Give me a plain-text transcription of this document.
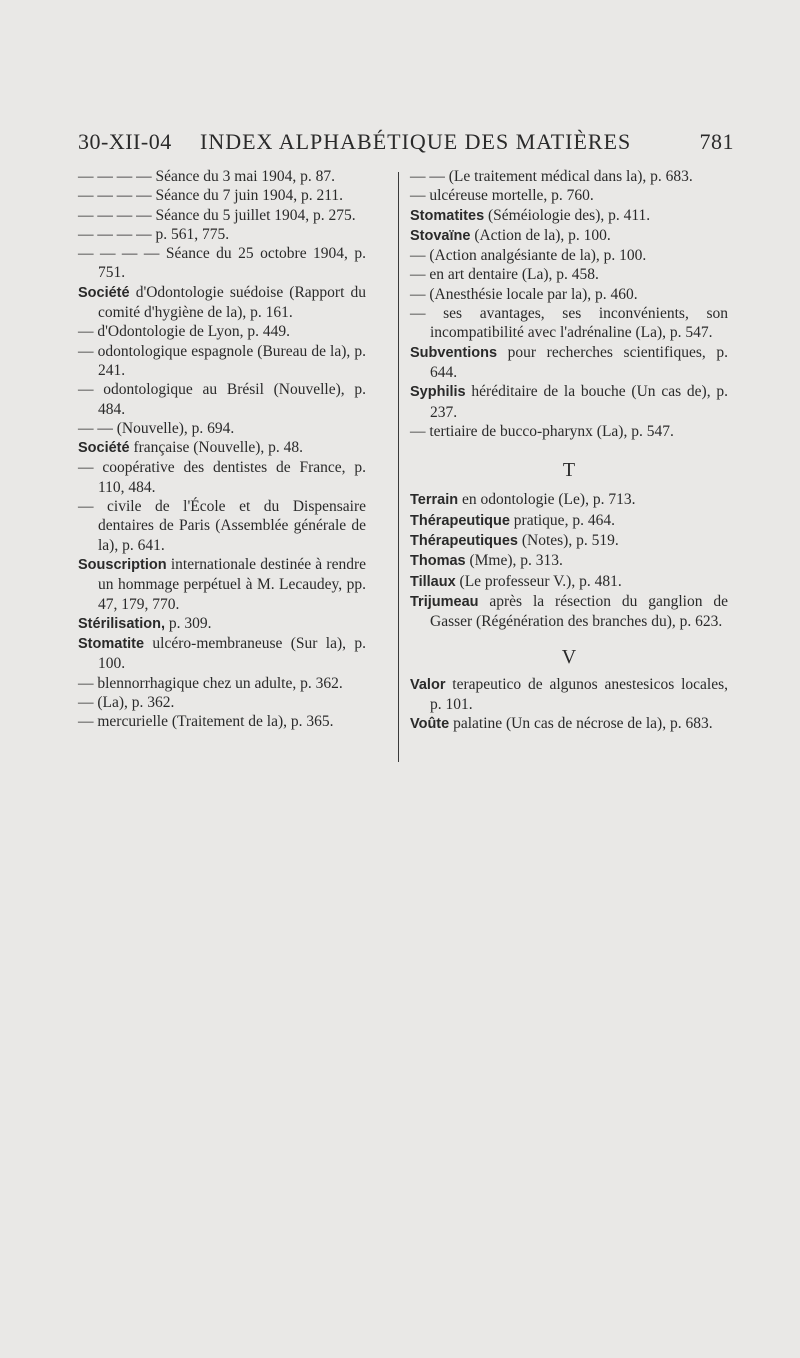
30-XII-04 INDEX ALPHABÉTIQUE DES MATIÈRES	781

— — — — Séance du 3 mai 1904, p. 87.

— — — — Séance du 7 juin 1904, p. 211.

— — — — Séance du 5 juillet 1904, p. 275.

— — — — p. 561, 775.

— — — — Séance du 25 octobre 1904, p. 751.

Société d'Odontologie suédoise (Rapport du comité d'hygiène de la), p. 161.

— d'Odontologie de Lyon, p. 449.

— odontologique espagnole (Bureau de la), p. 241.

— odontologique au Brésil (Nouvelle), p. 484.

— — (Nouvelle), p. 694.

Société française (Nouvelle), p. 48.

— coopérative des dentistes de France, p. 110, 484.

— civile de l'École et du Dispensaire dentaires de Paris (Assemblée générale de la), p. 641.

Souscription internationale destinée à rendre un hommage perpétuel à M. Lecaudey, pp. 47, 179, 770.

Stérilisation, p. 309.

Stomatite ulcéro-membraneuse (Sur la), p. 100.

— blennorrhagique chez un adulte, p. 362.

— (La), p. 362.

— mercurielle (Traitement de la), p. 365.

— — (Le traitement médical dans la), p. 683.

— ulcéreuse mortelle, p. 760.

Stomatites (Séméiologie des), p. 411.

Stovaïne (Action de la), p. 100.

— (Action analgésiante de la), p. 100.

— en art dentaire (La), p. 458.

— (Anesthésie locale par la), p. 460.

— ses avantages, ses inconvénients, son incompatibilité avec l'adrénaline (La), p. 547.

Subventions pour recherches scientifiques, p. 644.

Syphilis héréditaire de la bouche (Un cas de), p. 237.

— tertiaire de bucco-pharynx (La), p. 547.

T

Terrain en odontologie (Le), p. 713.

Thérapeutique pratique, p. 464.

Thérapeutiques (Notes), p. 519.

Thomas (Mme), p. 313.

Tillaux (Le professeur V.), p. 481.

Trijumeau après la résection du ganglion de Gasser (Régénération des branches du), p. 623.

V

Valor terapeutico de algunos anestesicos locales, p. 101.

Voûte palatine (Un cas de nécrose de la), p. 683.
